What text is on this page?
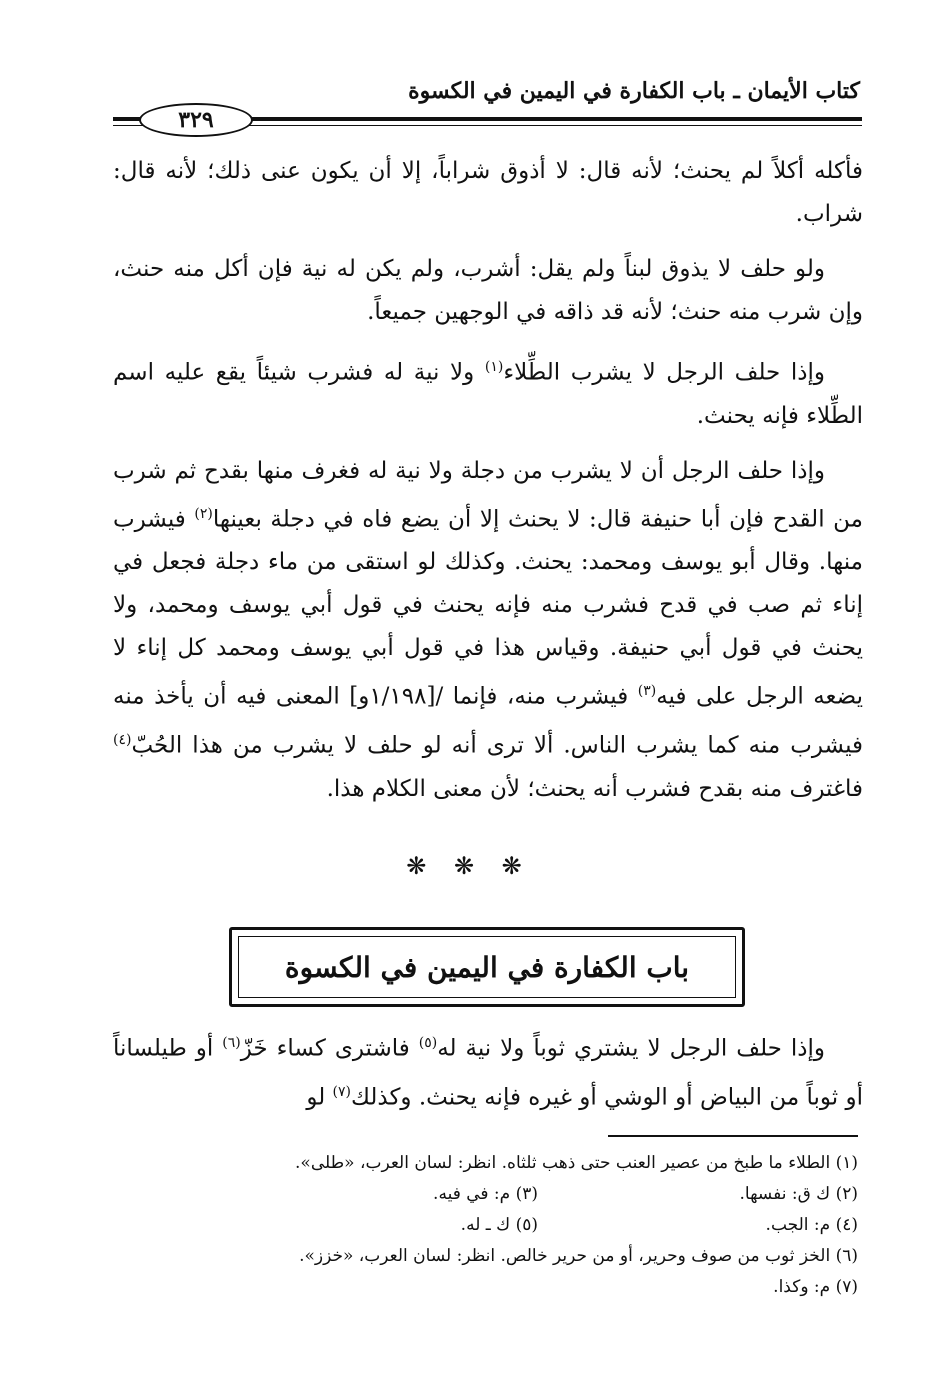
كتاب الأيمان ـ باب الكفارة في اليمين في الكسوة
٣٢٩

فأكله أكلاً لم يحنث؛ لأنه قال: لا أذوق شراباً، إلا أن يكون عنى ذلك؛ لأنه قال: شراب.

ولو حلف لا يذوق لبناً ولم يقل: أشرب، ولم يكن له نية فإن أكل منه حنث، وإن شرب منه حنث؛ لأنه قد ذاقه في الوجهين جميعاً.

وإذا حلف الرجل لا يشرب الطِّلاء$^{(١)}$ ولا نية له فشرب شيئاً يقع عليه اسم الطِّلاء فإنه يحنث.

وإذا حلف الرجل أن لا يشرب من دجلة ولا نية له فغرف منها بقدح ثم شرب من القدح فإن أبا حنيفة قال: لا يحنث إلا أن يضع فاه في دجلة بعينها$^{(٢)}$ فيشرب منها. وقال أبو يوسف ومحمد: يحنث. وكذلك لو استقى من ماء دجلة فجعل في إناء ثم صب في قدح فشرب منه فإنه يحنث في قول أبي يوسف ومحمد، ولا يحنث في قول أبي حنيفة. وقياس هذا في قول أبي يوسف ومحمد كل إناء لا يضعه الرجل على فيه$^{(٣)}$ فيشرب منه، فإنما /[١/١٩٨و] المعنى فيه أن يأخذ منه فيشرب منه كما يشرب الناس. ألا ترى أنه لو حلف لا يشرب من هذا الحُبّ$^{(٤)}$ فاغترف منه بقدح فشرب أنه يحنث؛ لأن معنى الكلام هذا.

❋ ❋ ❋
باب الكفارة في اليمين في الكسوة

وإذا حلف الرجل لا يشتري ثوباً ولا نية له$^{(٥)}$ فاشترى كساء خَزّ$^{(٦)}$ أو طيلساناً أو ثوباً من البياض أو الوشي أو غيره فإنه يحنث. وكذلك$^{(٧)}$ لو

(١) الطلاء ما طبخ من عصير العنب حتى ذهب ثلثاه. انظر: لسان العرب، «طلى».
(٢) ك ق: نفسها.
(٣) م: في فيه.
(٤) م: الجب.
(٥) ك ـ له.
(٦) الخز ثوب من صوف وحرير، أو من حرير خالص. انظر: لسان العرب، «خزز».
(٧) م: وكذا.
